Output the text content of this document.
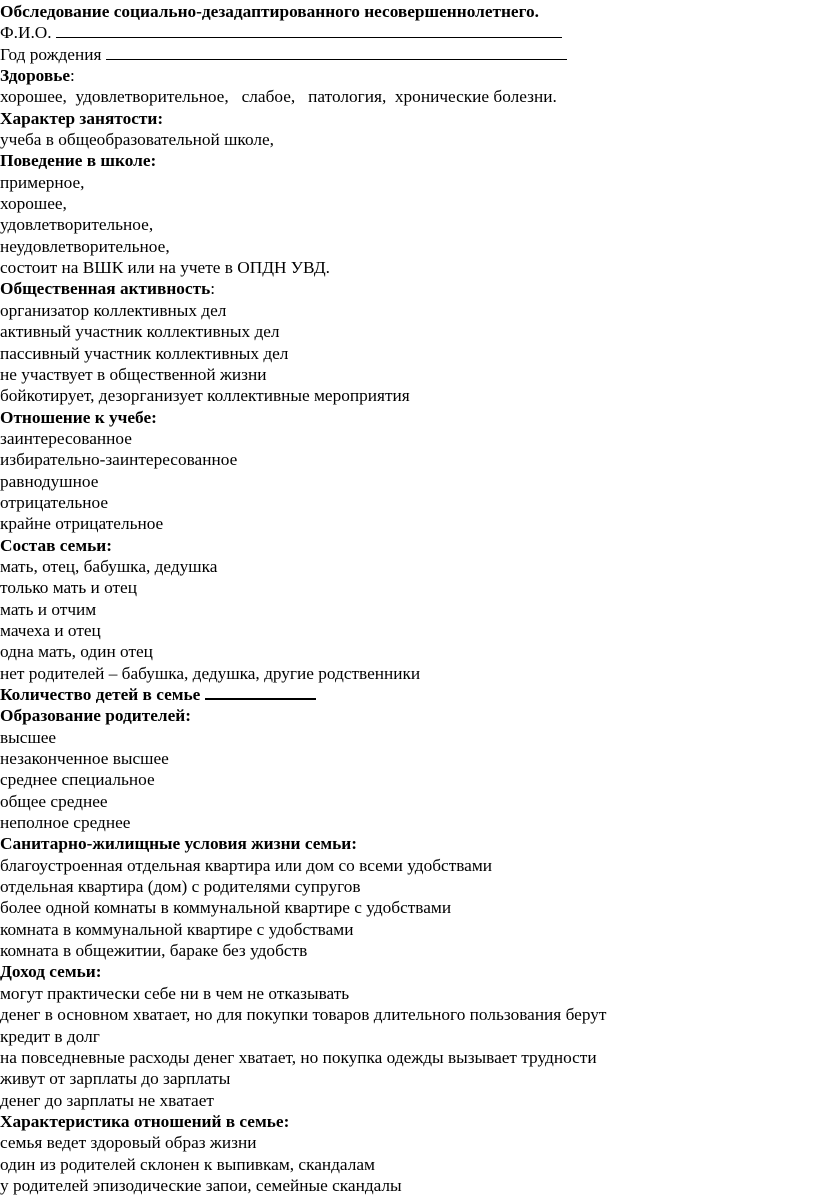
Обследование социально-дезадаптированного несовершеннолетнего.
Ф.И.О.
Год рождения
Здоровье:
хорошее,  удовлетворительное,   слабое,   патология,  хронические болезни.
Характер занятости:
учеба в общеобразовательной школе,
Поведение в школе:
примерное,
хорошее,
удовлетворительное,
неудовлетворительное,
состоит на ВШК или на учете в ОПДН УВД.
Общественная активность:
организатор коллективных дел
активный участник коллективных дел
пассивный участник коллективных дел
не участвует в общественной жизни
бойкотирует, дезорганизует коллективные мероприятия
Отношение к учебе:
заинтересованное
избирательно-заинтересованное
равнодушное
отрицательное
крайне отрицательное
Состав семьи:
мать, отец, бабушка, дедушка
только мать и отец
мать и отчим
мачеха и отец
одна мать, один отец
нет родителей – бабушка, дедушка, другие родственники
Количество детей в семье
Образование родителей:
высшее
незаконченное высшее
среднее специальное
общее среднее
неполное среднее
Санитарно-жилищные условия жизни семьи:
благоустроенная отдельная квартира или дом со всеми удобствами
отдельная квартира (дом) с родителями супругов
более одной комнаты в коммунальной квартире с удобствами
комната в коммунальной квартире с удобствами
комната в общежитии, бараке без удобств
Доход семьи:
могут практически себе ни в чем не отказывать
денег в основном хватает, но для покупки товаров длительного пользования берут
кредит в долг
на повседневные расходы денег хватает, но покупка одежды вызывает трудности
живут от зарплаты до зарплаты
денег до зарплаты не хватает
Характеристика отношений в семье:
семья ведет здоровый образ жизни
один из родителей склонен к выпивкам, скандалам
у родителей эпизодические запои, семейные скандалы
